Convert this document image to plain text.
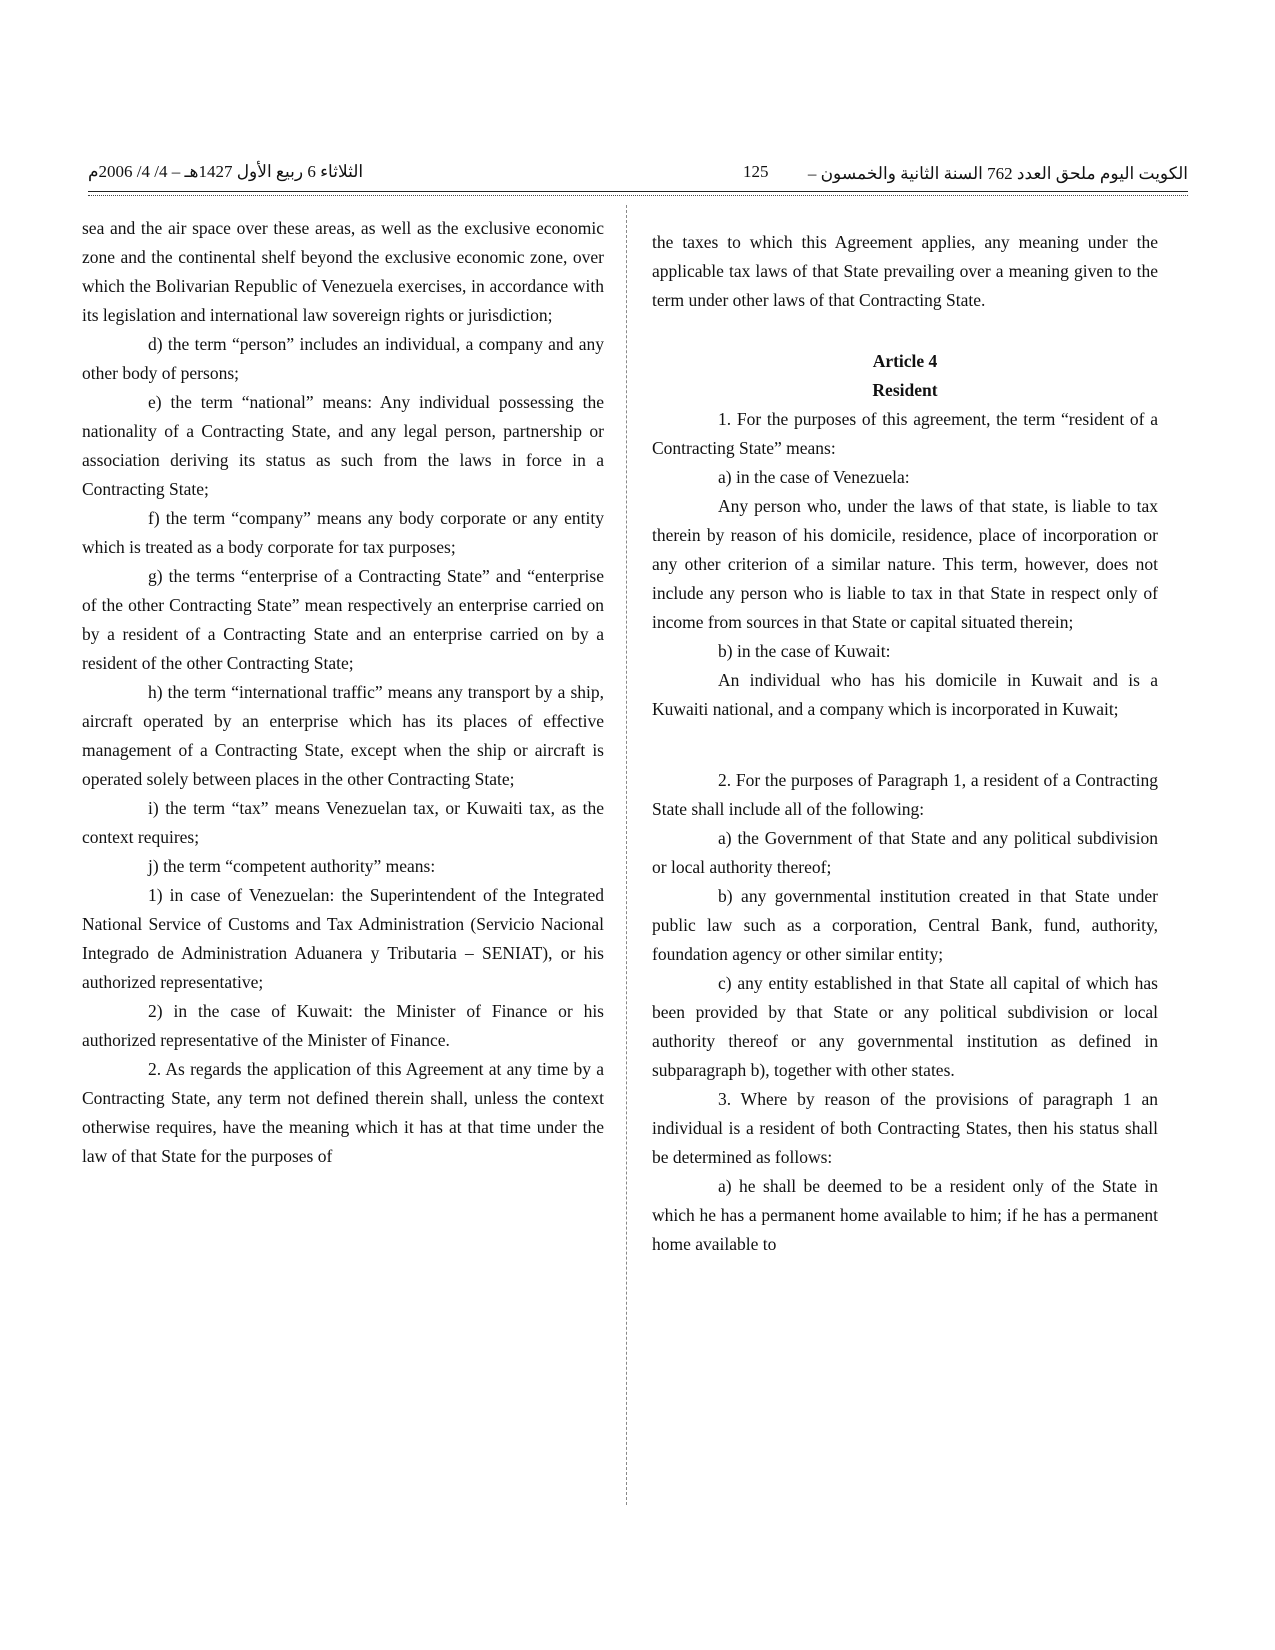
الثلاثاء 6 ربيع الأول 1427هـ – 4/ 4/ 2006م	125 الكويت اليوم ملحق العدد 762 السنة الثانية والخمسون –

sea and the air space over these areas, as well as the exclusive economic zone and the continental shelf beyond the exclusive economic zone, over which the Bolivarian Republic of Venezuela exercises, in accordance with its legislation and international law sovereign rights or jurisdiction;

d) the term “person” includes an individual, a company and any other body of persons;

e) the term “national” means: Any individual possessing the nationality of a Contracting State, and any legal person, partnership or association deriving its status as such from the laws in force in a Contracting State;

f) the term “company” means any body corporate or any entity which is treated as a body corporate for tax purposes;

g) the terms “enterprise of a Contracting State” and “enterprise of the other Contracting State” mean respectively an enterprise carried on by a resident of a Contracting State and an enterprise carried on by a resident of the other Contracting State;

h) the term “international traffic” means any transport by a ship, aircraft operated by an enterprise which has its places of effective management of a Contracting State, except when the ship or aircraft is operated solely between places in the other Contracting State;

i) the term “tax” means Venezuelan tax, or Kuwaiti tax, as the context requires;

j) the term “competent authority” means:

1) in case of Venezuelan: the Superintendent of the Integrated National Service of Customs and Tax Administration (Servicio Nacional Integrado de Administration Aduanera y Tributaria – SENIAT), or his authorized representative;

2) in the case of Kuwait: the Minister of Finance or his authorized representative of the Minister of Finance.

2. As regards the application of this Agreement at any time by a Contracting State, any term not defined therein shall, unless the context otherwise requires, have the meaning which it has at that time under the law of that State for the purposes of

the taxes to which this Agreement applies, any meaning under the applicable tax laws of that State prevailing over a meaning given to the term under other laws of that Contracting State.

Article 4
Resident

1. For the purposes of this agreement, the term “resident of a Contracting State” means:

a) in the case of Venezuela:

Any person who, under the laws of that state, is liable to tax therein by reason of his domicile, residence, place of incorporation or any other criterion of a similar nature. This term, however, does not include any person who is liable to tax in that State in respect only of income from sources in that State or capital situated therein;

b) in the case of Kuwait:

An individual who has his domicile in Kuwait and is a Kuwaiti national, and a company which is incorporated in Kuwait;

2. For the purposes of Paragraph 1, a resident of a Contracting State shall include all of the following:

a) the Government of that State and any political subdivision or local authority thereof;

b) any governmental institution created in that State under public law such as a corporation, Central Bank, fund, authority, foundation agency or other similar entity;

c) any entity established in that State all capital of which has been provided by that State or any political subdivision or local authority thereof or any governmental institution as defined in subparagraph b), together with other states.

3. Where by reason of the provisions of paragraph 1 an individual is a resident of both Contracting States, then his status shall be determined as follows:

a) he shall be deemed to be a resident only of the State in which he has a permanent home available to him; if he has a permanent home available to
